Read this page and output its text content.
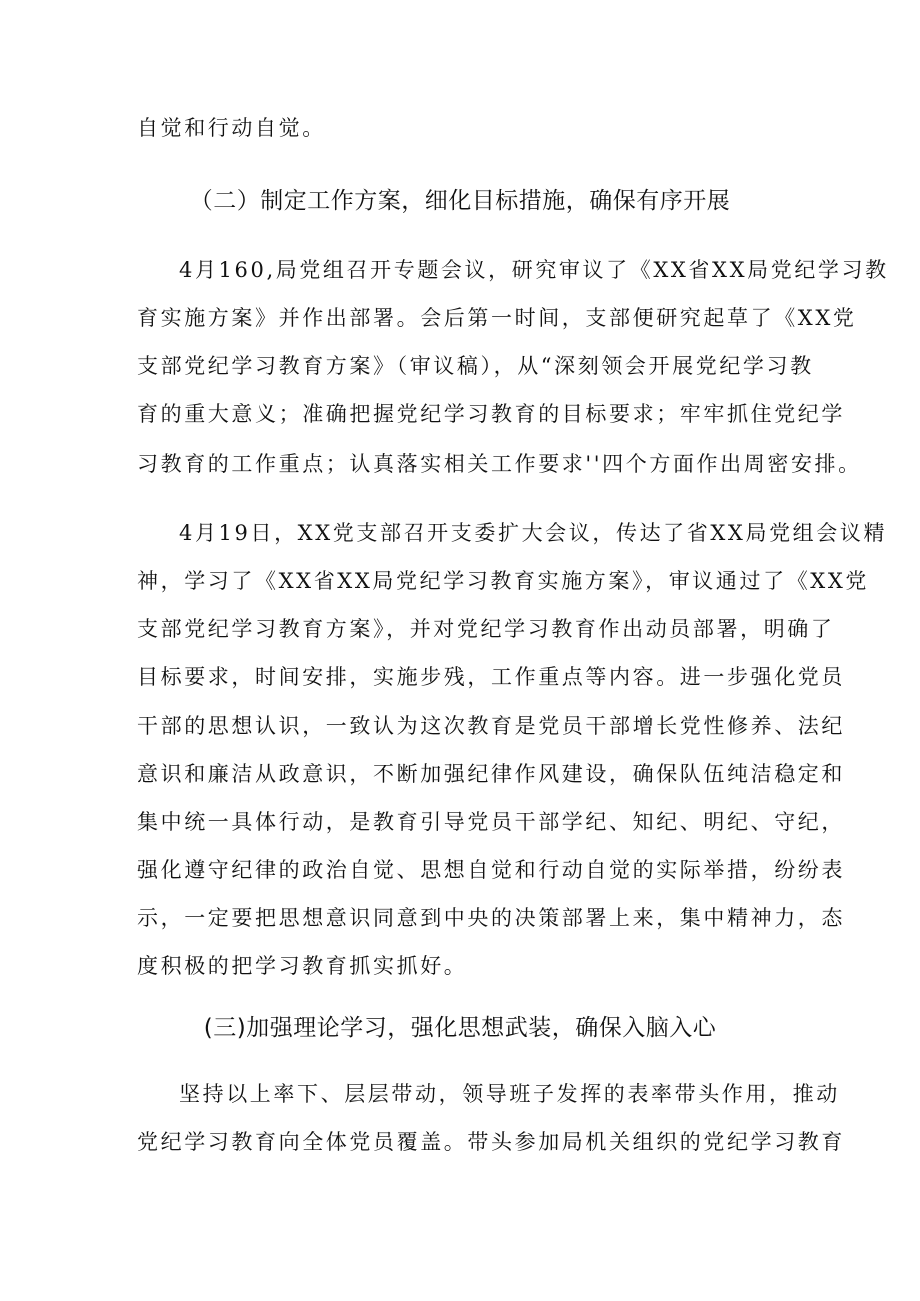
自觉和行动自觉。
（二）制定工作方案，细化目标措施，确保有序开展
4月160,局党组召开专题会议，研究审议了《XX省XX局党纪学习教
育实施方案》并作出部署。会后第一时间，支部便研究起草了《XX党
支部党纪学习教育方案》（审议稿），从“深刻领会开展党纪学习教
育的重大意义；准确把握党纪学习教育的目标要求；牢牢抓住党纪学
习教育的工作重点；认真落实相关工作要求''四个方面作出周密安排。
4月19日，XX党支部召开支委扩大会议，传达了省XX局党组会议精
神，学习了《XX省XX局党纪学习教育实施方案》，审议通过了《XX党
支部党纪学习教育方案》，并对党纪学习教育作出动员部署，明确了
目标要求，时间安排，实施步残，工作重点等内容。进一步强化党员
干部的思想认识，一致认为这次教育是党员干部增长党性修养、法纪
意识和廉洁从政意识，不断加强纪律作风建设，确保队伍纯洁稳定和
集中统一具体行动，是教育引导党员干部学纪、知纪、明纪、守纪，
强化遵守纪律的政治自觉、思想自觉和行动自觉的实际举措，纷纷表
示，一定要把思想意识同意到中央的决策部署上来，集中精神力，态
度积极的把学习教育抓实抓好。
(三)加强理论学习，强化思想武装，确保入脑入心
坚持以上率下、层层带动，领导班子发挥的表率带头作用，推动
党纪学习教育向全体党员覆盖。带头参加局机关组织的党纪学习教育
